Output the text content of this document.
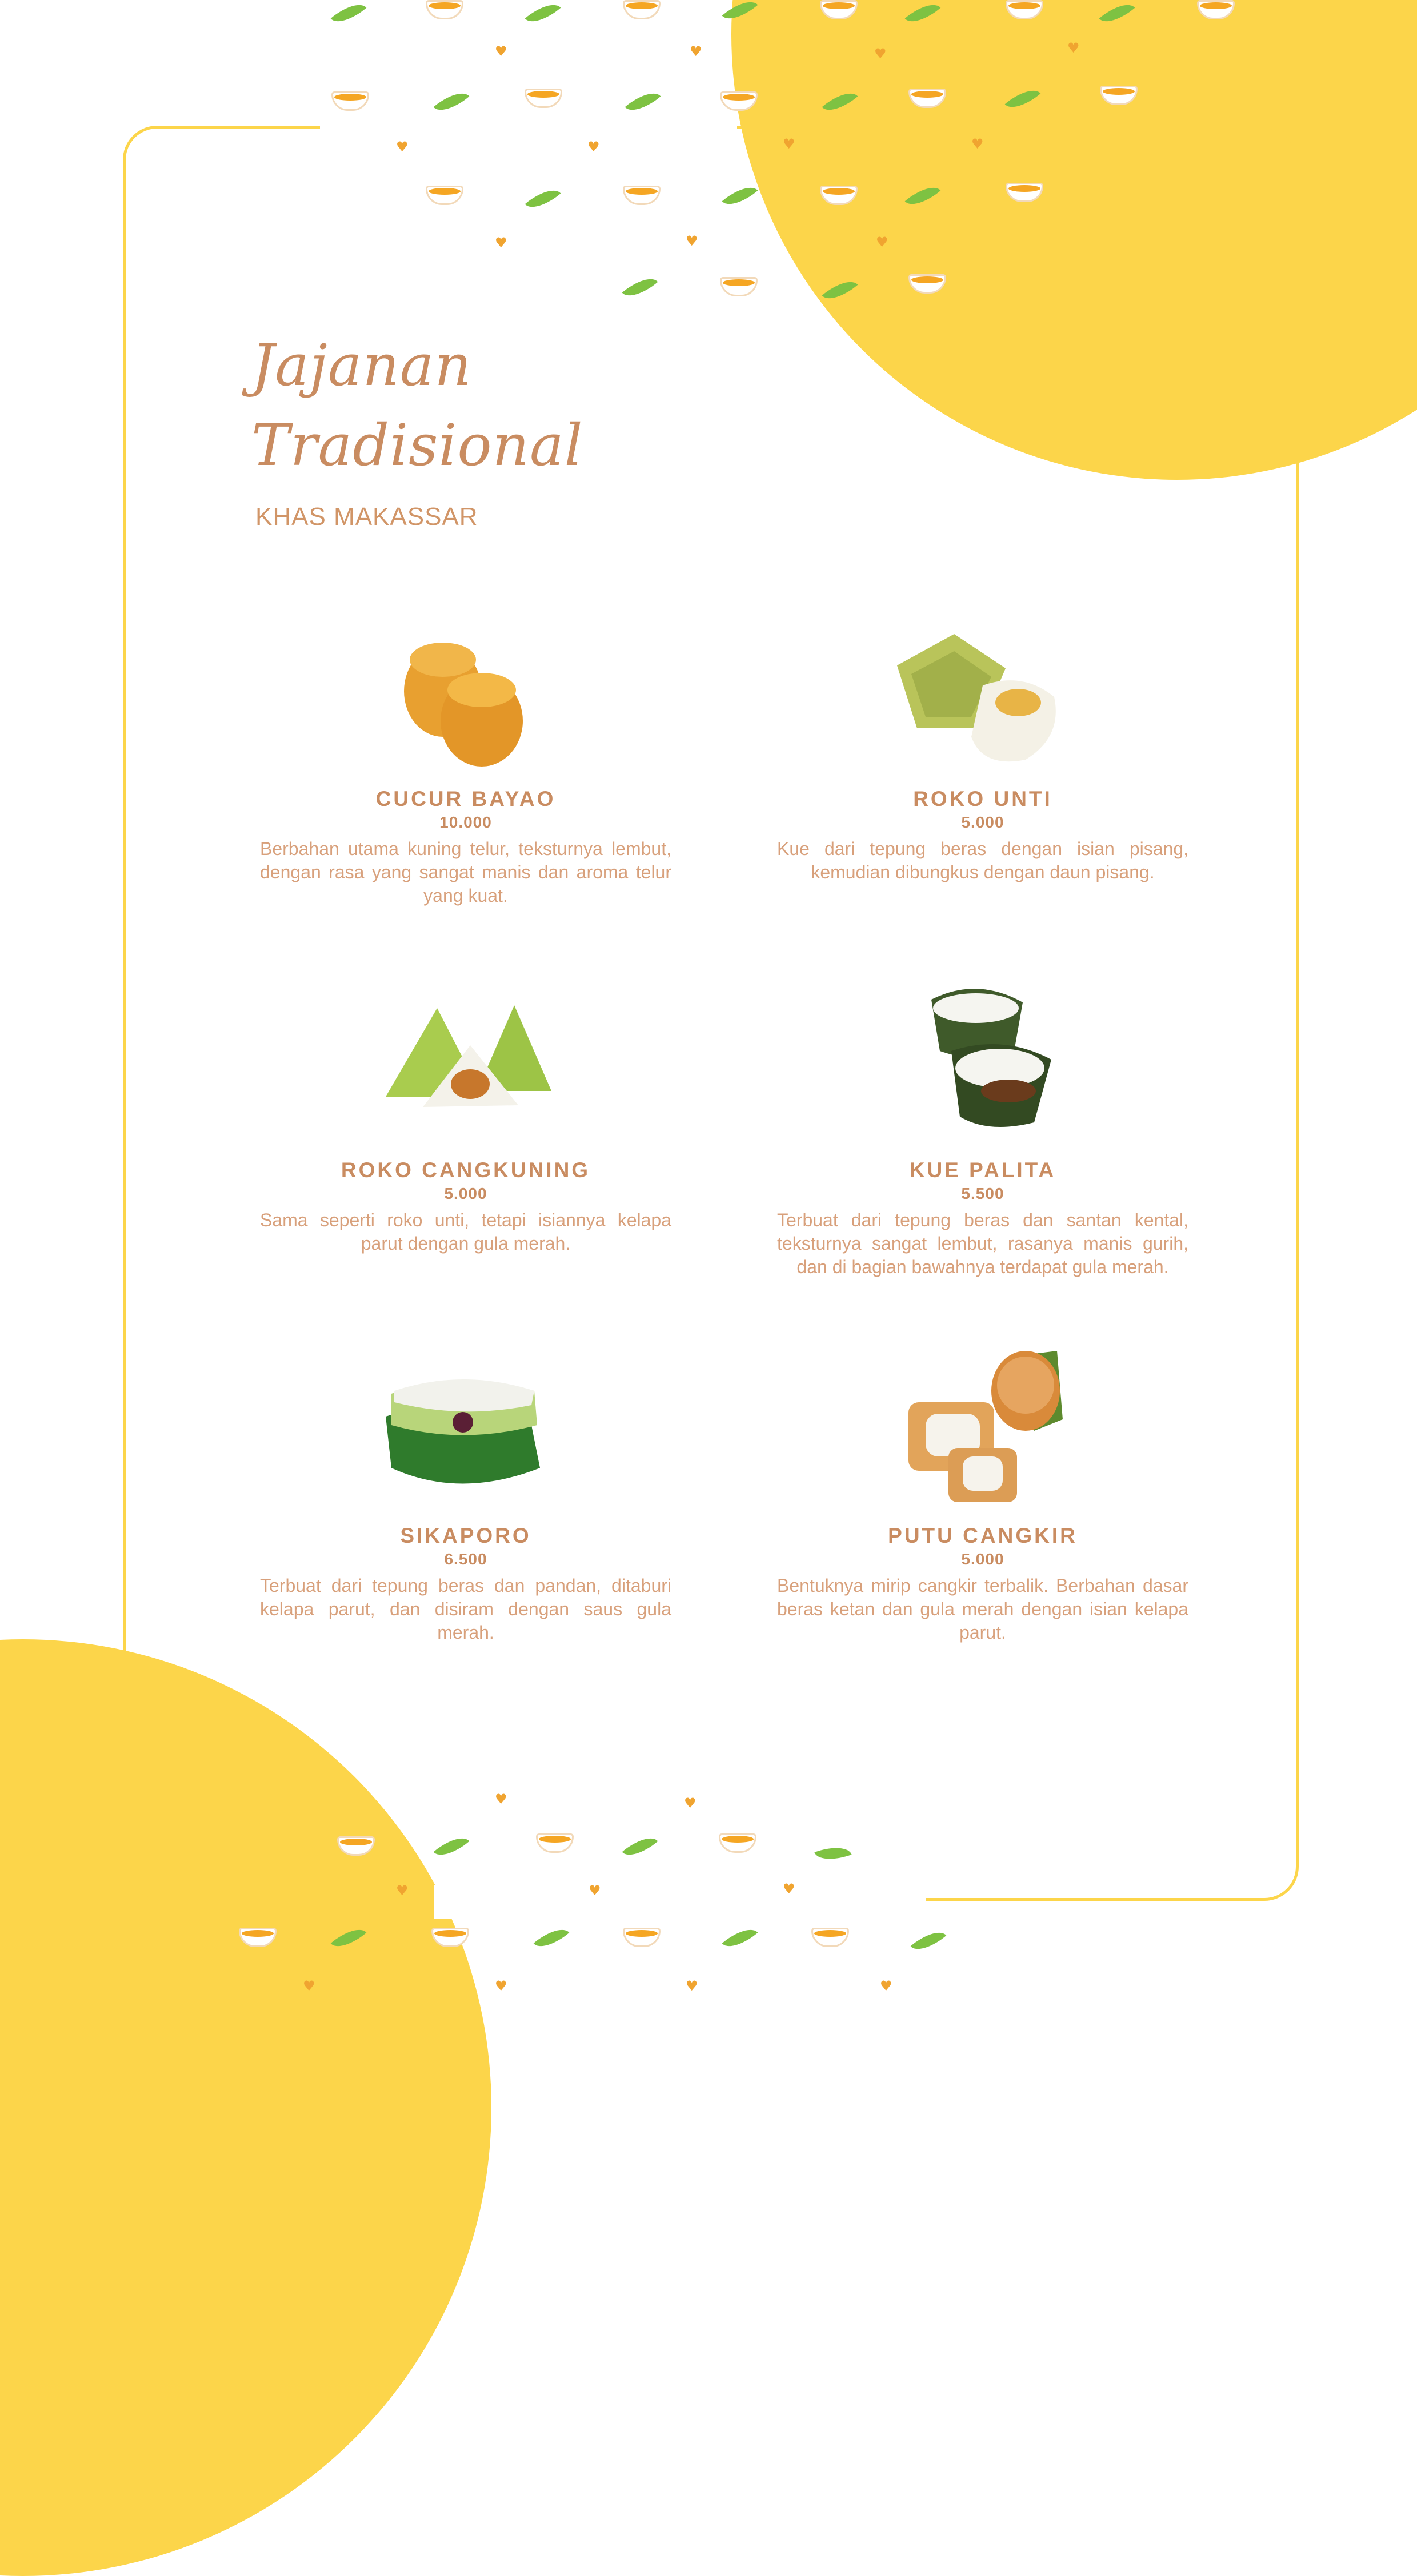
♥	♥	♥	♥
♥	♥	♥	♥
♥	♥	♥
♥	♥
♥	♥	♥
♥	♥	♥	♥
Jajanan
Tradisional
KHAS MAKASSAR
CUCUR BAYAO
10.000
Berbahan utama kuning telur, teksturnya lembut, dengan rasa yang sangat manis dan aroma telur yang kuat.
ROKO UNTI
5.000
Kue dari tepung beras dengan isian pisang, kemudian dibungkus dengan daun pisang.
ROKO CANGKUNING
5.000
Sama seperti roko unti, tetapi isiannya kelapa parut dengan gula merah.
KUE PALITA
5.500
Terbuat dari tepung beras dan santan kental, teksturnya sangat lembut, rasanya manis gurih, dan di bagian bawahnya terdapat gula merah.
SIKAPORO
6.500
Terbuat dari tepung beras dan pandan, ditaburi kelapa parut, dan disiram dengan saus gula merah.
PUTU CANGKIR
5.000
Bentuknya mirip cangkir terbalik. Berbahan dasar beras ketan dan gula merah dengan isian kelapa parut.
